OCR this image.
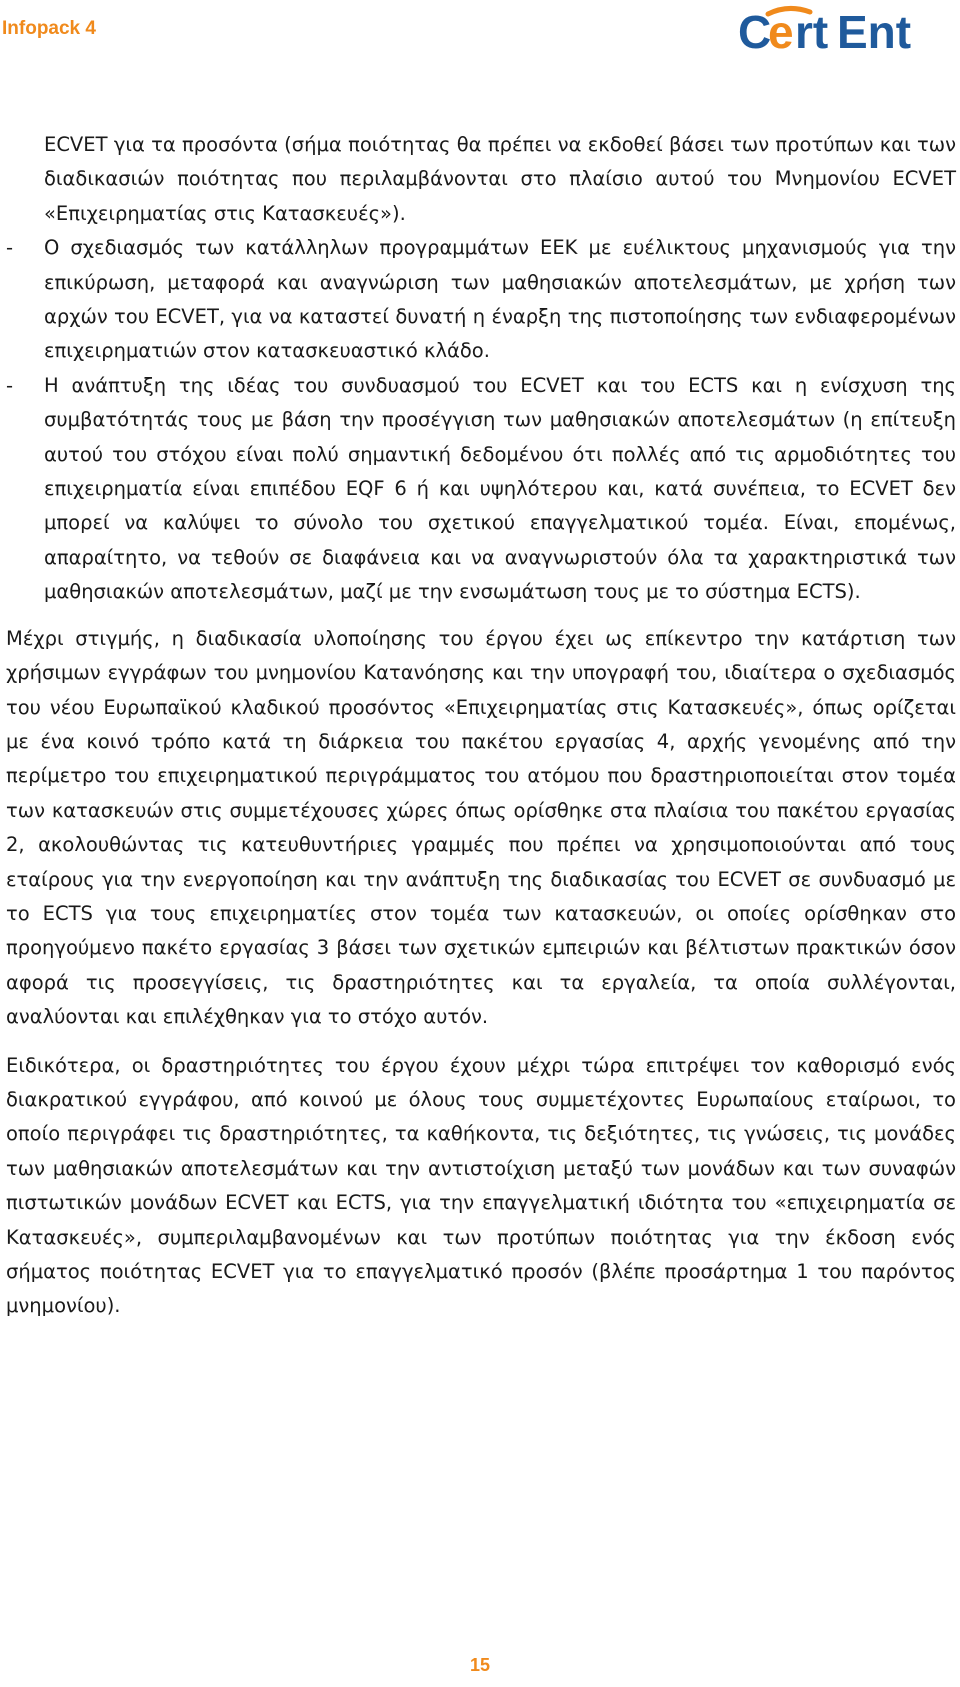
Infopack 4	C
e rt Ent

ECVET για τα προσόντα (σήμα ποιότητας θα πρέπει να εκδοθεί βάσει των προτύπων και των διαδικασιών ποιότητας που περιλαμβάνονται στο πλαίσιο αυτού του Μνημονίου ECVET «Επιχειρηματίας στις Κατασκευές»).

- Ο σχεδιασμός των κατάλληλων προγραμμάτων ΕΕΚ με ευέλικτους μηχανισμούς για την επικύρωση, μεταφορά και αναγνώριση των μαθησιακών αποτελεσμάτων, με χρήση των αρχών του ECVET, για να καταστεί δυνατή η έναρξη της πιστοποίησης των ενδιαφερομένων επιχειρηματιών στον κατασκευαστικό κλάδο.

- Η ανάπτυξη της ιδέας του συνδυασμού του ECVET και του ECTS και η ενίσχυση της συμβατότητάς τους με βάση την προσέγγιση των μαθησιακών αποτελεσμάτων (η επίτευξη αυτού του στόχου είναι πολύ σημαντική δεδομένου ότι πολλές από τις αρμοδιότητες του επιχειρηματία είναι επιπέδου EQF 6 ή και υψηλότερου και, κατά συνέπεια, το ECVET δεν μπορεί να καλύψει το σύνολο του σχετικού επαγγελματικού τομέα. Είναι, επομένως, απαραίτητο, να τεθούν σε διαφάνεια και να αναγνωριστούν όλα τα χαρακτηριστικά των μαθησιακών αποτελεσμάτων, μαζί με την ενσωμάτωση τους με το σύστημα ECTS).

Μέχρι στιγμής, η διαδικασία υλοποίησης του έργου έχει ως επίκεντρο την κατάρτιση των χρήσιμων εγγράφων του μνημονίου Κατανόησης και την υπογραφή του, ιδιαίτερα ο σχεδιασμός του νέου Ευρωπαϊκού κλαδικού προσόντος «Επιχειρηματίας στις Κατασκευές», όπως ορίζεται με ένα κοινό τρόπο κατά τη διάρκεια του πακέτου εργασίας 4, αρχής γενομένης από την περίμετρο του επιχειρηματικού περιγράμματος του ατόμου που δραστηριοποιείται στον τομέα των κατασκευών στις συμμετέχουσες χώρες όπως ορίσθηκε στα πλαίσια του πακέτου εργασίας 2, ακολουθώντας τις κατευθυντήριες γραμμές που πρέπει να χρησιμοποιούνται από τους εταίρους για την ενεργοποίηση και την ανάπτυξη της διαδικασίας του ECVET σε συνδυασμό με το ECTS για τους επιχειρηματίες στον τομέα των κατασκευών, οι οποίες ορίσθηκαν στο προηγούμενο πακέτο εργασίας 3 βάσει των σχετικών εμπειριών και βέλτιστων πρακτικών όσον αφορά τις προσεγγίσεις, τις δραστηριότητες και τα εργαλεία, τα οποία συλλέγονται, αναλύονται και επιλέχθηκαν για το στόχο αυτόν.

Ειδικότερα, οι δραστηριότητες του έργου έχουν μέχρι τώρα επιτρέψει τον καθορισμό ενός διακρατικού εγγράφου, από κοινού με όλους τους συμμετέχοντες Ευρωπαίους εταίρωοι, το οποίο περιγράφει τις δραστηριότητες, τα καθήκοντα, τις δεξιότητες, τις γνώσεις, τις μονάδες των μαθησιακών αποτελεσμάτων και την αντιστοίχιση μεταξύ των μονάδων και των συναφών πιστωτικών μονάδων ECVET και ECTS, για την επαγγελματική ιδιότητα του «επιχειρηματία σε Κατασκευές», συμπεριλαμβανομένων και των προτύπων ποιότητας για την έκδοση ενός σήματος ποιότητας ECVET για το επαγγελματικό προσόν (βλέπε προσάρτημα 1 του παρόντος μνημονίου).

15
